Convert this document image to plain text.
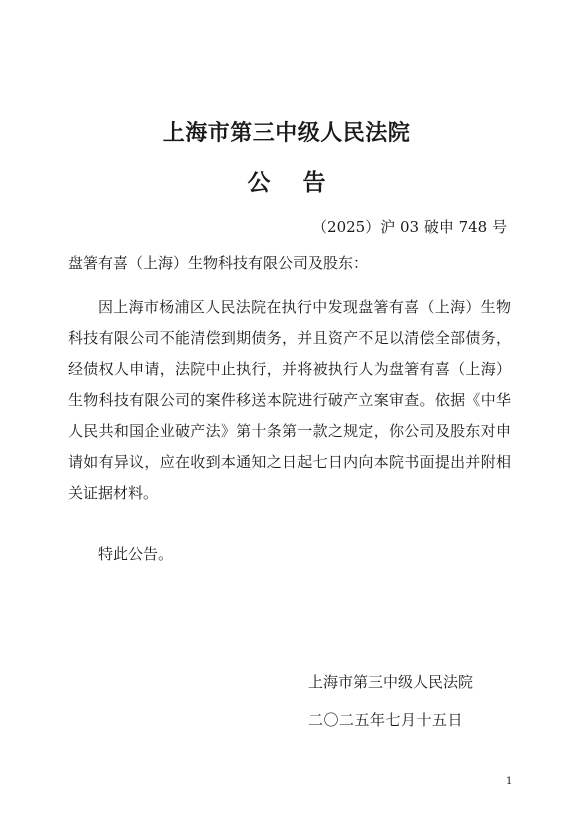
上海市第三中级人民法院
公 告

（2025）沪 03 破申 748 号

盘箸有喜（上海）生物科技有限公司及股东：

因上海市杨浦区人民法院在执行中发现盘箸有喜（上海）生物科技有限公司不能清偿到期债务，并且资产不足以清偿全部债务，经债权人申请，法院中止执行，并将被执行人为盘箸有喜（上海）生物科技有限公司的案件移送本院进行破产立案审查。依据《中华人民共和国企业破产法》第十条第一款之规定，你公司及股东对申请如有异议，应在收到本通知之日起七日内向本院书面提出并附相关证据材料。

特此公告。

上海市第三中级人民法院

二〇二五年七月十五日

1
